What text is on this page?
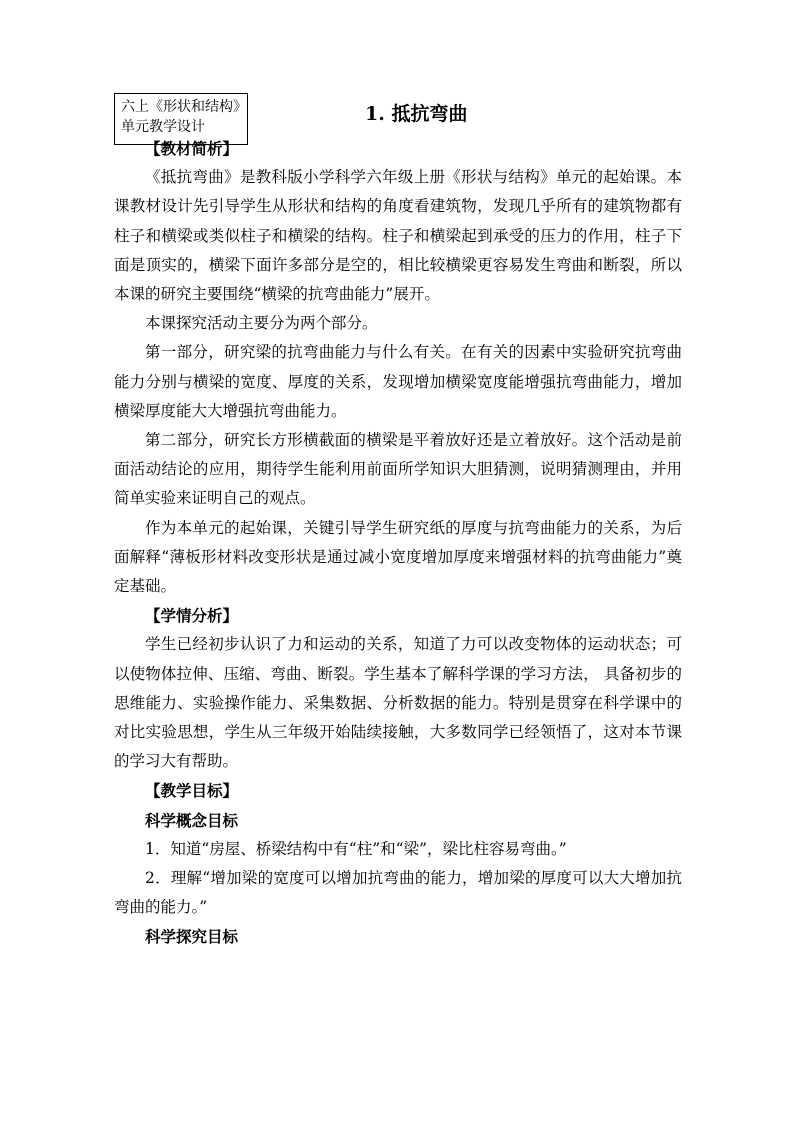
六上《形状和结构》
单元教学设计
1. 抵抗弯曲
【教材简析】

《抵抗弯曲》是教科版小学科学六年级上册《形状与结构》单元的起始课。本课教材设计先引导学生从形状和结构的角度看建筑物，发现几乎所有的建筑物都有柱子和横梁或类似柱子和横梁的结构。柱子和横梁起到承受的压力的作用，柱子下面是顶实的，横梁下面许多部分是空的，相比较横梁更容易发生弯曲和断裂，所以本课的研究主要围绕“横梁的抗弯曲能力”展开。

本课探究活动主要分为两个部分。

第一部分，研究梁的抗弯曲能力与什么有关。在有关的因素中实验研究抗弯曲能力分别与横梁的宽度、厚度的关系，发现增加横梁宽度能增强抗弯曲能力，增加横梁厚度能大大增强抗弯曲能力。

第二部分，研究长方形横截面的横梁是平着放好还是立着放好。这个活动是前面活动结论的应用，期待学生能利用前面所学知识大胆猜测，说明猜测理由，并用简单实验来证明自己的观点。

作为本单元的起始课，关键引导学生研究纸的厚度与抗弯曲能力的关系，为后面解释“薄板形材料改变形状是通过减小宽度增加厚度来增强材料的抗弯曲能力”奠定基础。

【学情分析】

学生已经初步认识了力和运动的关系，知道了力可以改变物体的运动状态；可以使物体拉伸、压缩、弯曲、断裂。学生基本了解科学课的学习方法， 具备初步的思维能力、实验操作能力、采集数据、分析数据的能力。特别是贯穿在科学课中的对比实验思想，学生从三年级开始陆续接触，大多数同学已经领悟了，这对本节课的学习大有帮助。

【教学目标】
科学概念目标

1．知道“房屋、桥梁结构中有“柱”和“梁”，梁比柱容易弯曲。”

2．理解“增加梁的宽度可以增加抗弯曲的能力，增加梁的厚度可以大大增加抗弯曲的能力。”

科学探究目标
